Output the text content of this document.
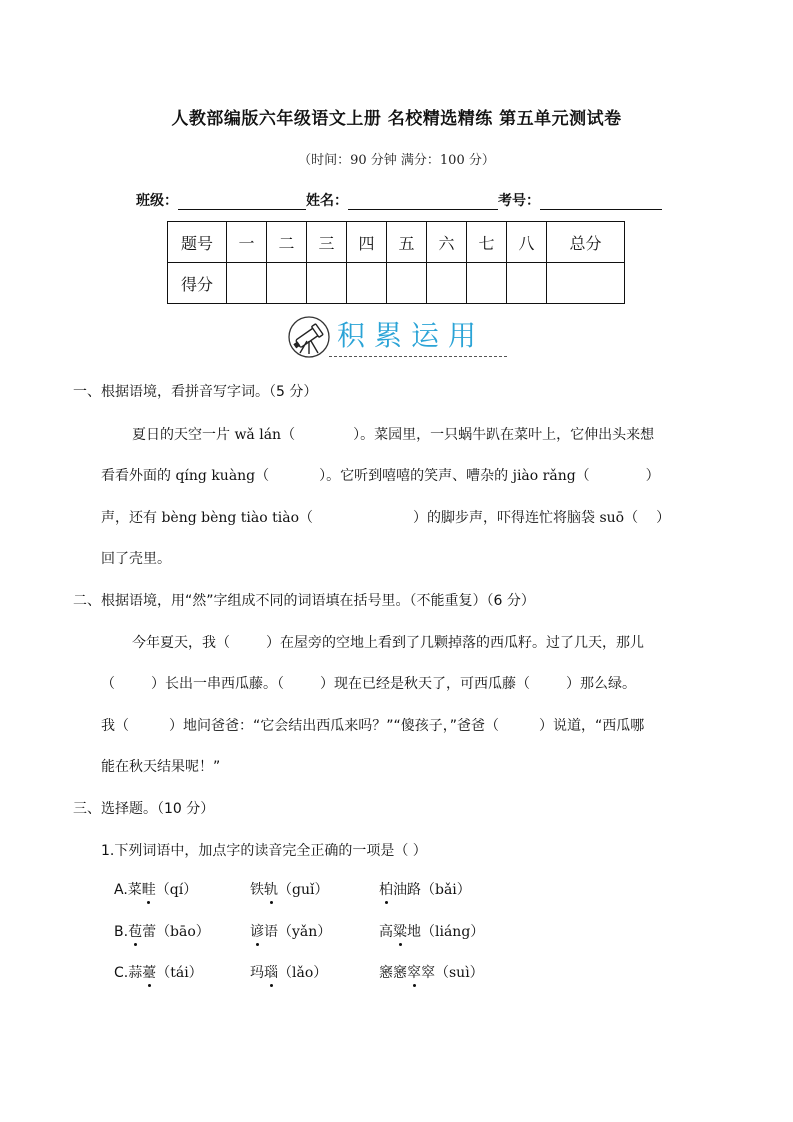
人教部编版六年级语文上册 名校精选精练 第五单元测试卷
（时间：90 分钟 满分：100 分）
班级：	姓名：	考号：
题号	一	二	三	四	五	六	七	八	总分
得分									
积累运用
一、根据语境，看拼音写字词。（5 分）
夏日的天空一片 wǎ lán（	）。菜园里，一只蜗牛趴在菜叶上，它伸出头来想
看看外面的 qíng kuàng（	）。它听到嘻嘻的笑声、嘈杂的 jiào rǎng（	）
声，还有 bèng bèng tiào tiào（	）的脚步声，吓得连忙将脑袋 suō（ ）
回了壳里。
二、根据语境，用“然”字组成不同的词语填在括号里。（不能重复）（6 分）
今年夏天，我（	）在屋旁的空地上看到了几颗掉落的西瓜籽。过了几天，那儿
（	）长出一串西瓜藤。（	）现在已经是秋天了，可西瓜藤（	）那么绿。
我（	）地问爸爸：“它会结出西瓜来吗？”“傻孩子，”爸爸（	）说道，“西瓜哪
能在秋天结果呢！”
三、选择题。（10 分）
1.下列词语中，加点字的读音完全正确的一项是（ ）
A.菜畦（qí）	铁轨（guǐ）	柏油路（bǎi）
B.苞蕾（bāo）	谚语（yǎn）	高粱地（liáng）
C.蒜薹（tái）	玛瑙（lǎo）	窸窸窣窣（suì）
